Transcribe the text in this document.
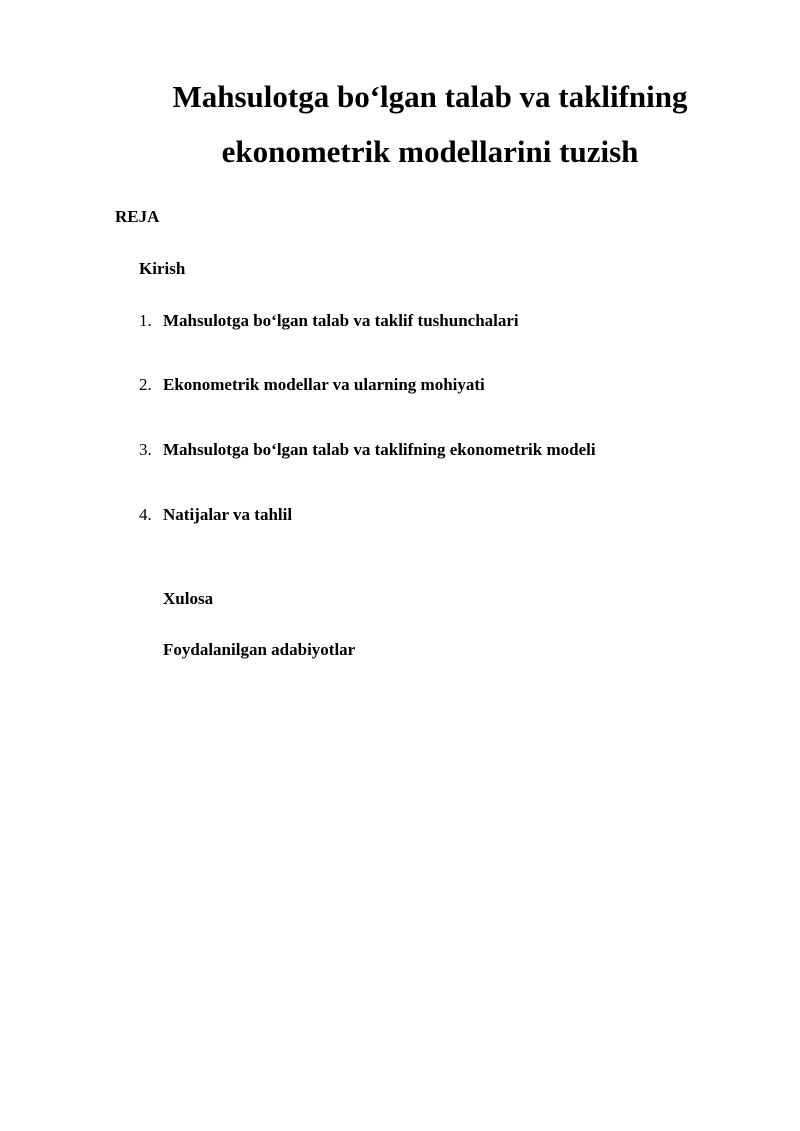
Mahsulotga bo‘lgan talab va taklifning
ekonometrik modellarini tuzish
REJA
Kirish
1. Mahsulotga bo‘lgan talab va taklif tushunchalari
2. Ekonometrik modellar va ularning mohiyati
3. Mahsulotga bo‘lgan talab va taklifning ekonometrik modeli
4. Natijalar va tahlil
Xulosa
Foydalanilgan adabiyotlar
